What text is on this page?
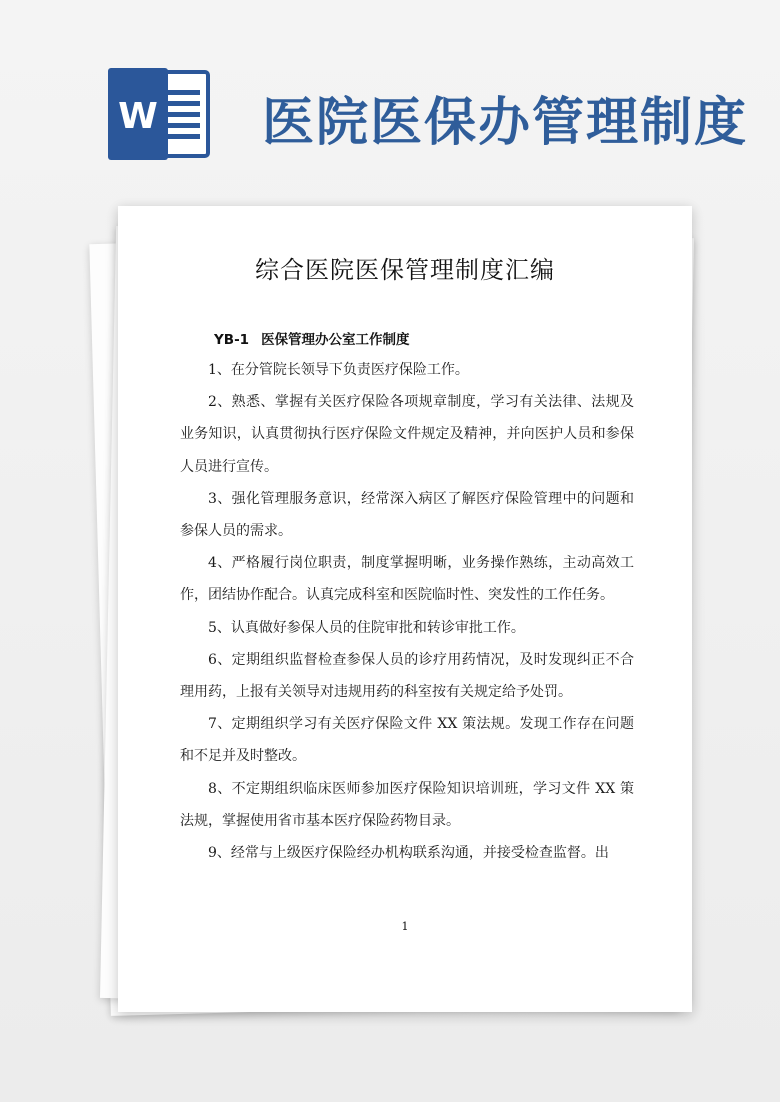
W 医院医保办管理制度
综合医院医保管理制度汇编
YB-1 医保管理办公室工作制度

1、在分管院长领导下负责医疗保险工作。

2、熟悉、掌握有关医疗保险各项规章制度，学习有关法律、法规及业务知识，认真贯彻执行医疗保险文件规定及精神，并向医护人员和参保人员进行宣传。

3、强化管理服务意识，经常深入病区了解医疗保险管理中的问题和参保人员的需求。

4、严格履行岗位职责，制度掌握明晰，业务操作熟练，主动高效工作，团结协作配合。认真完成科室和医院临时性、突发性的工作任务。

5、认真做好参保人员的住院审批和转诊审批工作。

6、定期组织监督检查参保人员的诊疗用药情况，及时发现纠正不合理用药，上报有关领导对违规用药的科室按有关规定给予处罚。

7、定期组织学习有关医疗保险文件 XX 策法规。发现工作存在问题和不足并及时整改。

8、不定期组织临床医师参加医疗保险知识培训班，学习文件 XX 策法规，掌握使用省市基本医疗保险药物目录。

9、经常与上级医疗保险经办机构联系沟通，并接受检查监督。出

1
